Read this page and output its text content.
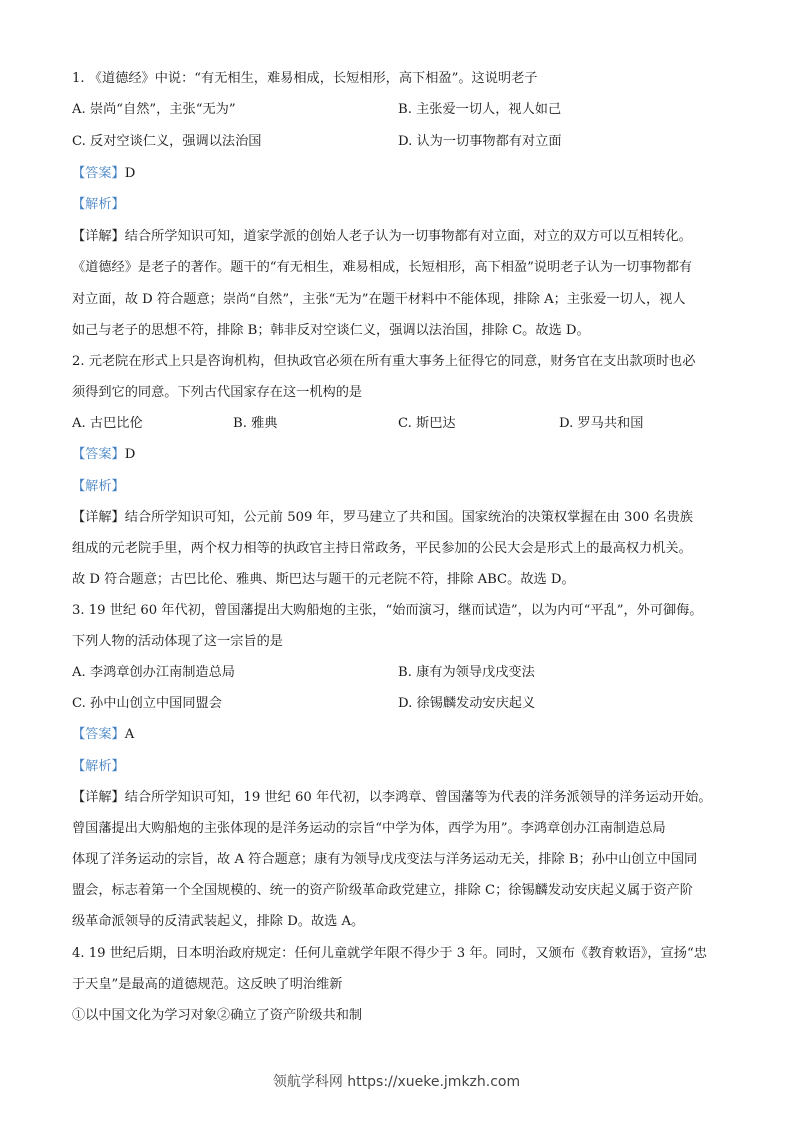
1. 《道德经》中说：“有无相生，难易相成，长短相形，高下相盈”。这说明老子
A. 崇尚“自然”，主张“无为”	B. 主张爱一切人，视人如己
C. 反对空谈仁义，强调以法治国	D. 认为一切事物都有对立面
【答案】D
【解析】
【详解】结合所学知识可知，道家学派的创始人老子认为一切事物都有对立面，对立的双方可以互相转化。
《道德经》是老子的著作。题干的“有无相生，难易相成，长短相形，高下相盈”说明老子认为一切事物都有
对立面，故 D 符合题意；崇尚“自然”，主张“无为”在题干材料中不能体现，排除 A；主张爱一切人，视人
如己与老子的思想不符，排除 B；韩非反对空谈仁义，强调以法治国，排除 C。故选 D。
2. 元老院在形式上只是咨询机构，但执政官必须在所有重大事务上征得它的同意，财务官在支出款项时也必
须得到它的同意。下列古代国家存在这一机构的是
A. 古巴比伦	B. 雅典	C. 斯巴达	D. 罗马共和国
【答案】D
【解析】
【详解】结合所学知识可知，公元前 509 年，罗马建立了共和国。国家统治的决策权掌握在由 300 名贵族
组成的元老院手里，两个权力相等的执政官主持日常政务，平民参加的公民大会是形式上的最高权力机关。
故 D 符合题意；古巴比伦、雅典、斯巴达与题干的元老院不符，排除 ABC。故选 D。
3. 19 世纪 60 年代初，曾国藩提出大购船炮的主张，“始而演习，继而试造”，以为内可“平乱”，外可御侮。
下列人物的活动体现了这一宗旨的是
A. 李鸿章创办江南制造总局	B. 康有为领导戊戌变法
C. 孙中山创立中国同盟会	D. 徐锡麟发动安庆起义
【答案】A
【解析】
【详解】结合所学知识可知，19 世纪 60 年代初，以李鸿章、曾国藩等为代表的洋务派领导的洋务运动开始。
曾国藩提出大购船炮的主张体现的是洋务运动的宗旨“中学为体，西学为用”。李鸿章创办江南制造总局
体现了洋务运动的宗旨，故 A 符合题意；康有为领导戊戌变法与洋务运动无关，排除 B；孙中山创立中国同
盟会，标志着第一个全国规模的、统一的资产阶级革命政党建立，排除 C；徐锡麟发动安庆起义属于资产阶
级革命派领导的反清武装起义，排除 D。故选 A。
4. 19 世纪后期，日本明治政府规定：任何儿童就学年限不得少于 3 年。同时，又颁布《教育敕语》，宣扬“忠
于天皇”是最高的道德规范。这反映了明治维新
①以中国文化为学习对象②确立了资产阶级共和制
领航学科网 https://xueke.jmkzh.com
